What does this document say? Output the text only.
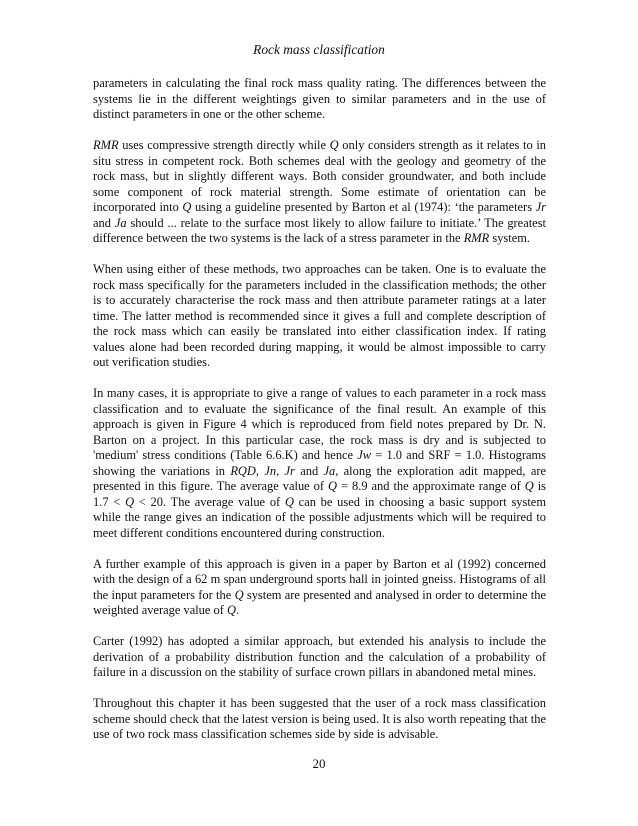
Rock mass classification

parameters in calculating the final rock mass quality rating. The differences between the systems lie in the different weightings given to similar parameters and in the use of distinct parameters in one or the other scheme.

RMR uses compressive strength directly while Q only considers strength as it relates to in situ stress in competent rock. Both schemes deal with the geology and geometry of the rock mass, but in slightly different ways. Both consider groundwater, and both include some component of rock material strength. Some estimate of orientation can be incorporated into Q using a guideline presented by Barton et al (1974): ‘the parameters Jr and Ja should ... relate to the surface most likely to allow failure to initiate.’ The greatest difference between the two systems is the lack of a stress parameter in the RMR system.

When using either of these methods, two approaches can be taken. One is to evaluate the rock mass specifically for the parameters included in the classification methods; the other is to accurately characterise the rock mass and then attribute parameter ratings at a later time. The latter method is recommended since it gives a full and complete description of the rock mass which can easily be translated into either classification index. If rating values alone had been recorded during mapping, it would be almost impossible to carry out verification studies.

In many cases, it is appropriate to give a range of values to each parameter in a rock mass classification and to evaluate the significance of the final result. An example of this approach is given in Figure 4 which is reproduced from field notes prepared by Dr. N. Barton on a project. In this particular case, the rock mass is dry and is subjected to 'medium' stress conditions (Table 6.6.K) and hence Jw = 1.0 and SRF = 1.0. Histograms showing the variations in RQD, Jn, Jr and Ja, along the exploration adit mapped, are presented in this figure. The average value of Q = 8.9 and the approximate range of Q is 1.7 < Q < 20. The average value of Q can be used in choosing a basic support system while the range gives an indication of the possible adjustments which will be required to meet different conditions encountered during construction.

A further example of this approach is given in a paper by Barton et al (1992) concerned with the design of a 62 m span underground sports hall in jointed gneiss. Histograms of all the input parameters for the Q system are presented and analysed in order to determine the weighted average value of Q.

Carter (1992) has adopted a similar approach, but extended his analysis to include the derivation of a probability distribution function and the calculation of a probability of failure in a discussion on the stability of surface crown pillars in abandoned metal mines.

Throughout this chapter it has been suggested that the user of a rock mass classification scheme should check that the latest version is being used. It is also worth repeating that the use of two rock mass classification schemes side by side is advisable.

20
